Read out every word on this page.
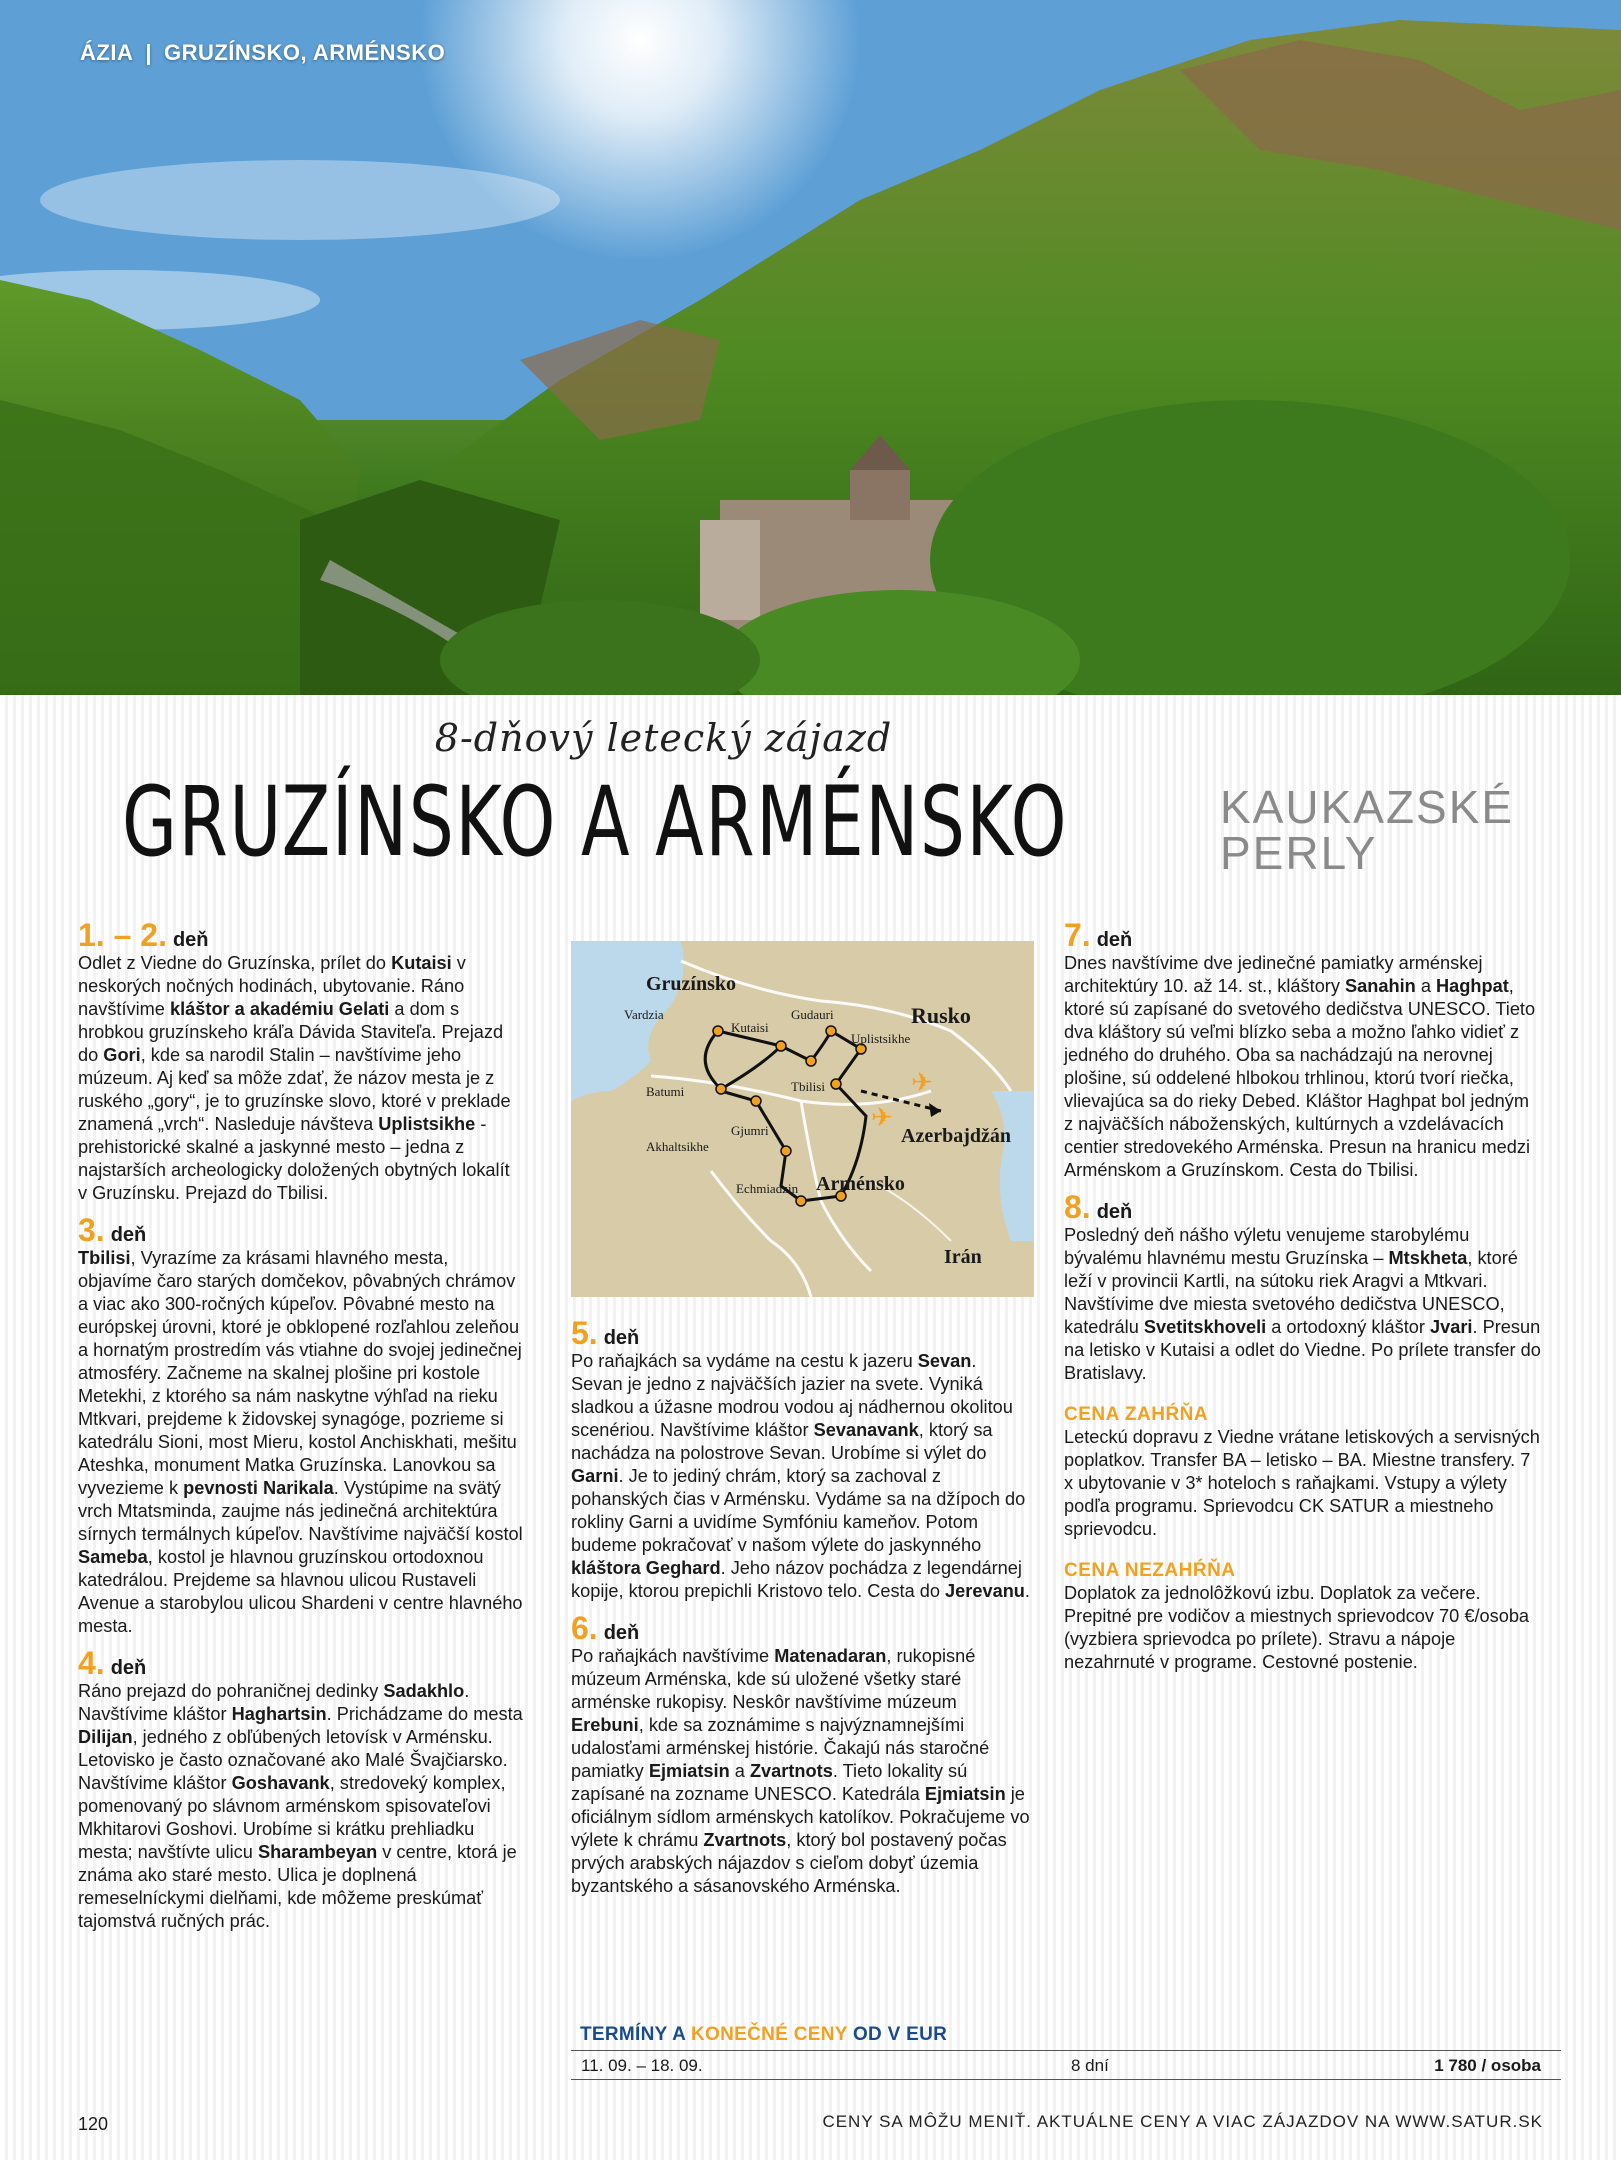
ÁZIA | GRUZÍNSKO, ARMÉNSKO
8-dňový letecký zájazd
GRUZÍNSKO A ARMÉNSKO	KAUKAZSKÉ
PERLY
1. – 2. deň

Odlet z Viedne do Gruzínska, prílet do Kutaisi v neskorých nočných hodinách, ubytovanie. Ráno navštívime kláštor a akadémiu Gelati a dom s hrobkou gruzínskeho kráľa Dávida Staviteľa. Prejazd do Gori, kde sa narodil Stalin – navštívime jeho múzeum. Aj keď sa môže zdať, že názov mesta je z ruského „gory“, je to gruzínske slovo, ktoré v preklade znamená „vrch“. Nasleduje návšteva Uplistsikhe - prehistorické skalné a jaskynné mesto – jedna z najstarších archeologicky doložených obytných lokalít v Gruzínsku. Prejazd do Tbilisi.

3. deň

Tbilisi, Vyrazíme za krásami hlavného mesta, objavíme čaro starých domčekov, pôvabných chrámov a viac ako 300-ročných kúpeľov. Pôvabné mesto na európskej úrovni, ktoré je obklopené rozľahlou zeleňou a hornatým prostredím vás vtiahne do svojej jedinečnej atmosféry. Začneme na skalnej plošine pri kostole Metekhi, z ktorého sa nám naskytne výhľad na rieku Mtkvari, prejdeme k židovskej synagóge, pozrieme si katedrálu Sioni, most Mieru, kostol Anchiskhati, mešitu Ateshka, monument Matka Gruzínska. Lanovkou sa vyvezieme k pevnosti Narikala. Vystúpime na svätý vrch Mtatsminda, zaujme nás jedinečná architektúra sírnych termálnych kúpeľov. Navštívime najväčší kostol Sameba, kostol je hlavnou gruzínskou ortodoxnou katedrálou. Prejdeme sa hlavnou ulicou Rustaveli Avenue a starobylou ulicou Shardeni v centre hlavného mesta.

4. deň

Ráno prejazd do pohraničnej dedinky Sadakhlo. Navštívime kláštor Haghartsin. Prichádzame do mesta Dilijan, jedného z obľúbených letovísk v Arménsku. Letovisko je často označované ako Malé Švajčiarsko. Navštívime kláštor Goshavank, stredoveký komplex, pomenovaný po slávnom arménskom spisovateľovi Mkhitarovi Goshovi. Urobíme si krátku prehliadku mesta; navštívte ulicu Sharambeyan v centre, ktorá je známa ako staré mesto. Ulica je doplnená remeselníckymi dielňami, kde môžeme preskúmať tajomstvá ručných prác.

✈
✈
Gruzínsko
Rusko
Azerbajdžán
Arménsko
Irán
Vardzia
Kutaisi
Gudauri
Uplistsikhe
Batumi	Tbilisi
Gjumri
Akhaltsikhe
Echmiadzin
5. deň

Po raňajkách sa vydáme na cestu k jazeru Sevan. Sevan je jedno z najväčších jazier na svete. Vyniká sladkou a úžasne modrou vodou aj nádhernou okolitou scenériou. Navštívime kláštor Sevanavank, ktorý sa nachádza na polostrove Sevan. Urobíme si výlet do Garni. Je to jediný chrám, ktorý sa zachoval z pohanských čias v Arménsku. Vydáme sa na džípoch do rokliny Garni a uvidíme Symfóniu kameňov. Potom budeme pokračovať v našom výlete do jaskynného kláštora Geghard. Jeho názov pochádza z legendárnej kopije, ktorou prepichli Kristovo telo. Cesta do Jerevanu.

6. deň

Po raňajkách navštívime Matenadaran, rukopisné múzeum Arménska, kde sú uložené všetky staré arménske rukopisy. Neskôr navštívime múzeum Erebuni, kde sa zoznámime s najvýznamnejšími udalosťami arménskej histórie. Čakajú nás staročné pamiatky Ejmiatsin a Zvartnots. Tieto lokality sú zapísané na zozname UNESCO. Katedrála Ejmiatsin je oficiálnym sídlom arménskych katolíkov. Pokračujeme vo výlete k chrámu Zvartnots, ktorý bol postavený počas prvých arabských nájazdov s cieľom dobyť územia byzantského a sásanovského Arménska.

7. deň

Dnes navštívime dve jedinečné pamiatky arménskej architektúry 10. až 14. st., kláštory Sanahin a Haghpat, ktoré sú zapísané do svetového dedičstva UNESCO. Tieto dva kláštory sú veľmi blízko seba a možno ľahko vidieť z jedného do druhého. Oba sa nachádzajú na nerovnej plošine, sú oddelené hlbokou trhlinou, ktorú tvorí riečka, vlievajúca sa do rieky Debed. Kláštor Haghpat bol jedným z najväčších náboženských, kultúrnych a vzdelávacích centier stredovekého Arménska. Presun na hranicu medzi Arménskom a Gruzínskom. Cesta do Tbilisi.

8. deň

Posledný deň nášho výletu venujeme starobylému bývalému hlavnému mestu Gruzínska – Mtskheta, ktoré leží v provincii Kartli, na sútoku riek Aragvi a Mtkvari. Navštívime dve miesta svetového dedičstva UNESCO, katedrálu Svetitskhoveli a ortodoxný kláštor Jvari. Presun na letisko v Kutaisi a odlet do Viedne. Po prílete transfer do Bratislavy.

CENA ZAHŔŇA

Leteckú dopravu z Viedne vrátane letiskových a servisných poplatkov. Transfer BA – letisko – BA. Miestne transfery. 7 x ubytovanie v 3* hoteloch s raňajkami. Vstupy a výlety podľa programu. Sprievodcu CK SATUR a miestneho sprievodcu.

CENA NEZAHŔŇA

Doplatok za jednolôžkovú izbu. Doplatok za večere. Prepitné pre vodičov a miestnych sprievodcov 70 €/osoba (vyzbiera sprievodca po prílete). Stravu a nápoje nezahrnuté v programe. Cestovné postenie.

TERMÍNY A KONEČNÉ CENY OD V EUR
11. 09. – 18. 09.	8 dní	1 780 / osoba
120	CENY SA MÔŽU MENIŤ. AKTUÁLNE CENY A VIAC ZÁJAZDOV NA WWW.SATUR.SK
